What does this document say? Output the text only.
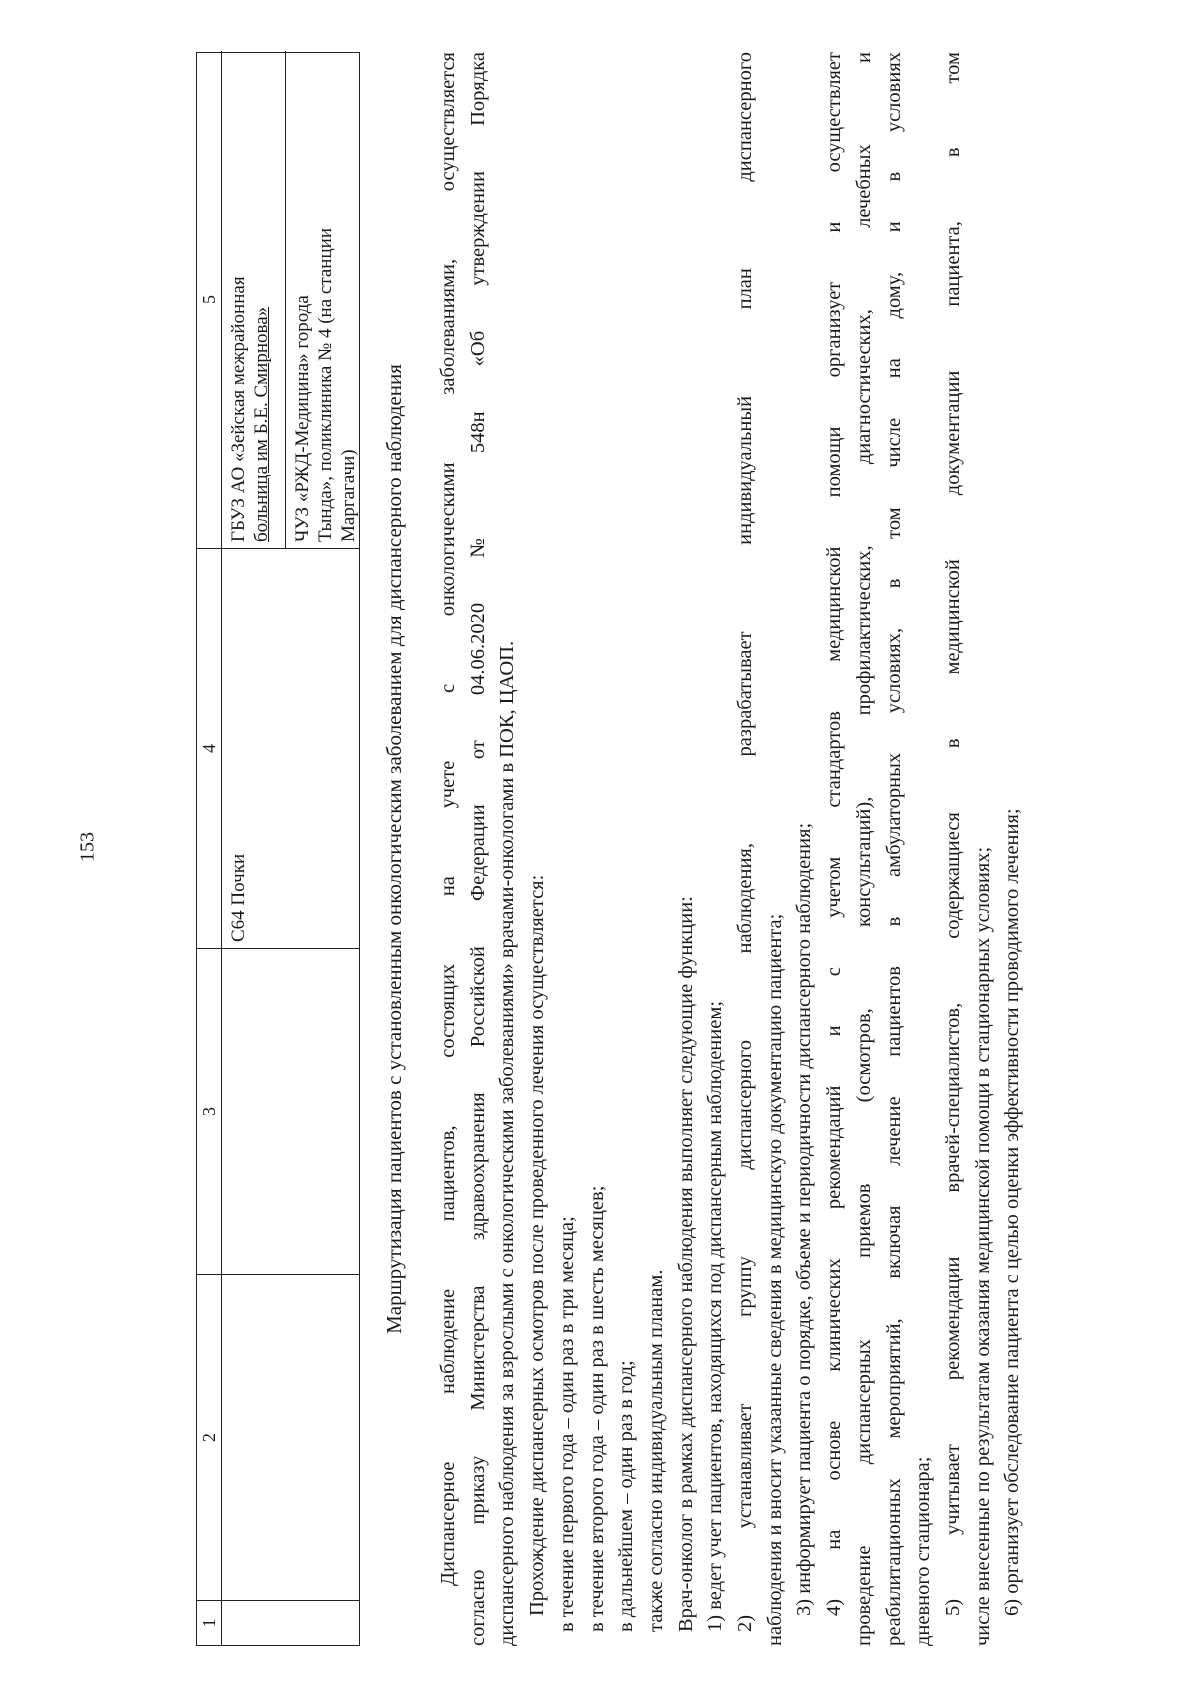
153
1
2
3
4
С64 Почки
5 ГБУЗ АО «Зейская межрайонная больница им Б.Е. Смирнова» ЧУЗ «РЖД-Медицина» города Тында», поликлиника № 4 (на станции Маргагачи) Маршрутизация пациентов с установленным онкологическим заболеванием для диспансерного наблюдения Диспансерное наблюдение пациентов, состоящих на учете с онкологическими заболеваниями, осуществляется согласно приказу Министерства здравоохранения Российской Федерации от 04.06.2020 № 548н «Об утверждении Порядка диспансерного наблюдения за взрослыми с онкологическими заболеваниями» врачами-онкологами в ПОК, ЦАОП. Прохождение диспансерных осмотров после проведенного лечения осуществляется: в течение первого года – один раз в три месяца; в течение второго года – один раз в шесть месяцев; в дальнейшем – один раз в год; также согласно индивидуальным планам. Врач-онколог в рамках диспансерного наблюдения выполняет следующие функции: 1) ведет учет пациентов, находящихся под диспансерным наблюдением; 2) устанавливает группу диспансерного наблюдения, разрабатывает индивидуальный план диспансерного наблюдения и вносит указанные сведения в медицинскую документацию пациента; 3) информирует пациента о порядке, объеме и периодичности диспансерного наблюдения; 4) на основе клинических рекомендаций и с учетом стандартов медицинской помощи организует и осуществляет проведение диспансерных приемов (осмотров, консультаций), профилактических, диагностических, лечебных и реабилитационных мероприятий, включая лечение пациентов в амбулаторных условиях, в том числе на дому, и в условиях дневного стационара; 5) учитывает рекомендации врачей-специалистов, содержащиеся в медицинской документации пациента, в том числе внесенные по результатам оказания медицинской помощи в стационарных условиях; 6) организует обследование пациента с целью оценки эффективности проводимого лечения;
